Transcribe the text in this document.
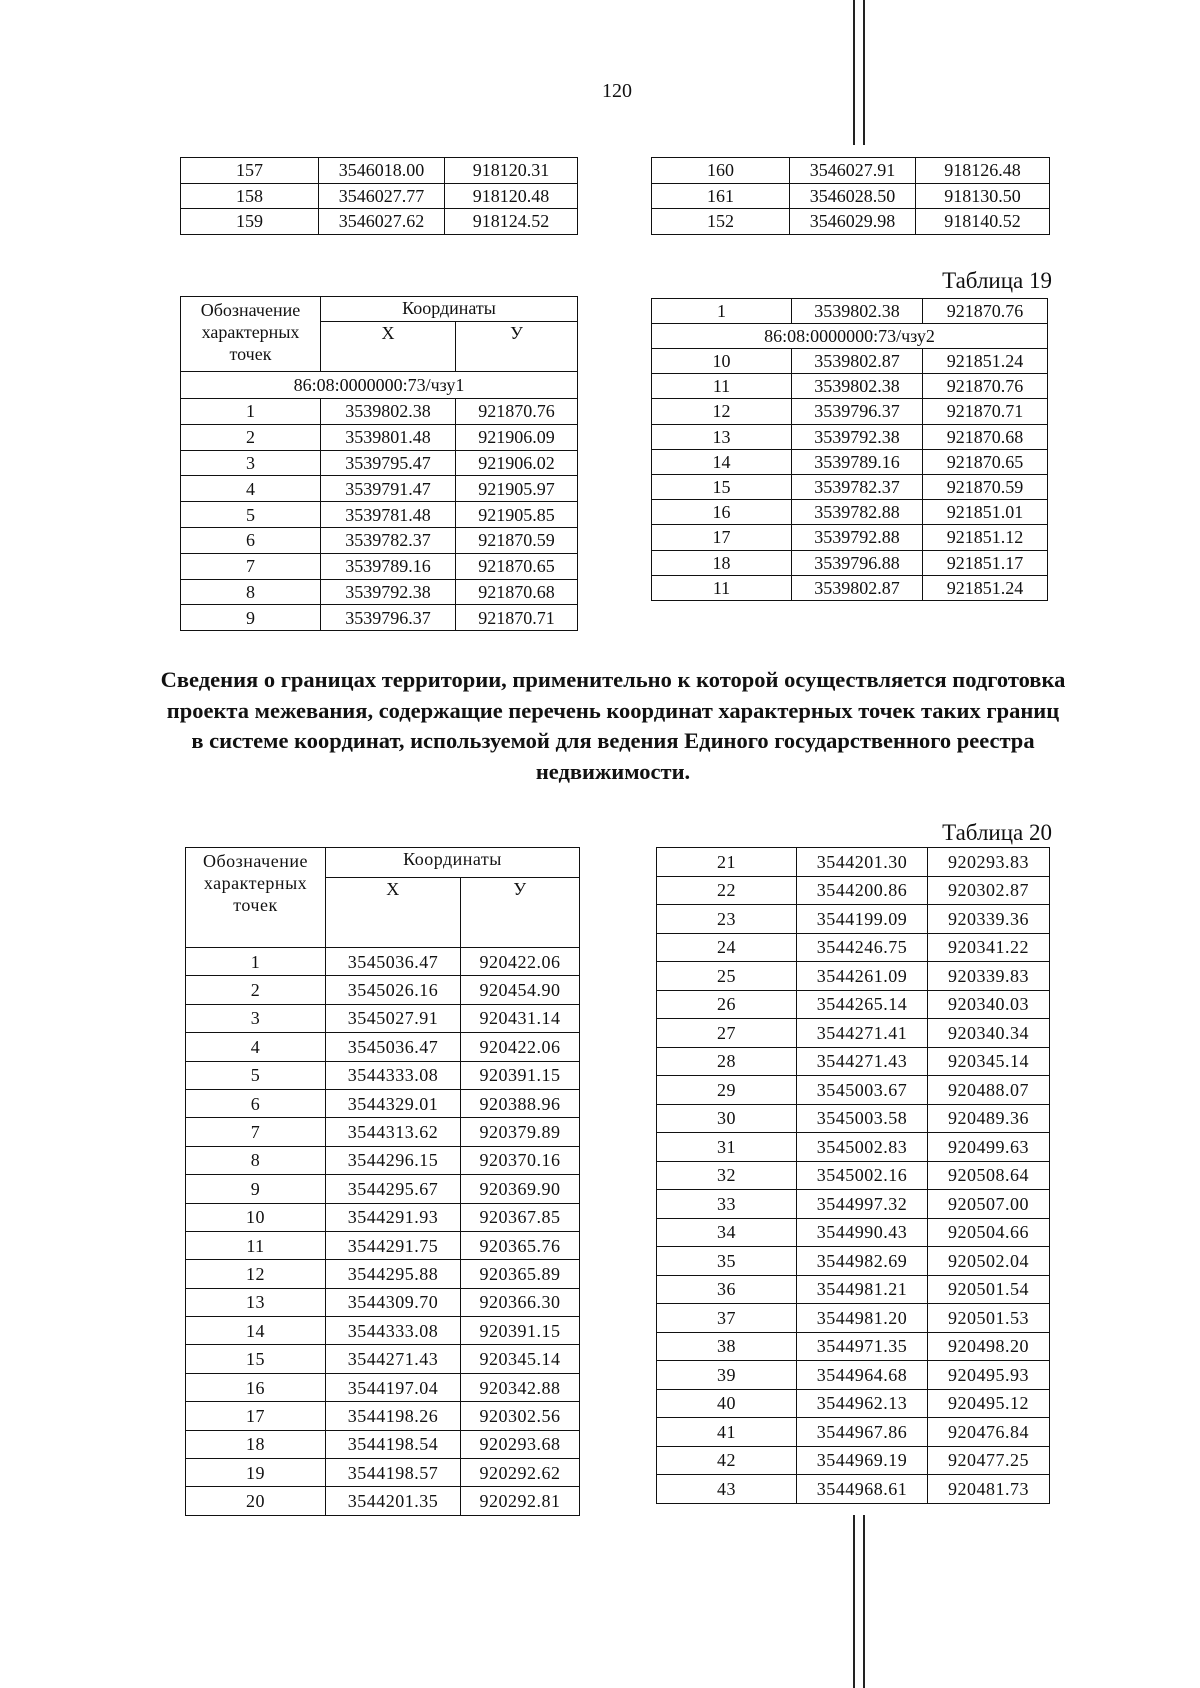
120
157	3546018.00	918120.31
158	3546027.77	918120.48
159	3546027.62	918124.52
160	3546027.91	918126.48
161	3546028.50	918130.50
152	3546029.98	918140.52
Таблица 19
Обозначение характерных точек	Координаты	
	X	У
86:08:0000000:73/чзу1		
1	3539802.38	921870.76
2	3539801.48	921906.09
3	3539795.47	921906.02
4	3539791.47	921905.97
5	3539781.48	921905.85
6	3539782.37	921870.59
7	3539789.16	921870.65
8	3539792.38	921870.68
9	3539796.37	921870.71
1	3539802.38	921870.76
86:08:0000000:73/чзу2		
10	3539802.87	921851.24
11	3539802.38	921870.76
12	3539796.37	921870.71
13	3539792.38	921870.68
14	3539789.16	921870.65
15	3539782.37	921870.59
16	3539782.88	921851.01
17	3539792.88	921851.12
18	3539796.88	921851.17
11	3539802.87	921851.24
Сведения о границах территории, применительно к которой осуществляется подготовка проекта межевания, содержащие перечень координат характерных точек таких границ в системе координат, используемой для ведения Единого государственного реестра недвижимости.
Таблица 20
Обозначение характерных точек	Координаты	
	X	У
1	3545036.47	920422.06
2	3545026.16	920454.90
3	3545027.91	920431.14
4	3545036.47	920422.06
5	3544333.08	920391.15
6	3544329.01	920388.96
7	3544313.62	920379.89
8	3544296.15	920370.16
9	3544295.67	920369.90
10	3544291.93	920367.85
11	3544291.75	920365.76
12	3544295.88	920365.89
13	3544309.70	920366.30
14	3544333.08	920391.15
15	3544271.43	920345.14
16	3544197.04	920342.88
17	3544198.26	920302.56
18	3544198.54	920293.68
19	3544198.57	920292.62
20	3544201.35	920292.81
21	3544201.30	920293.83
22	3544200.86	920302.87
23	3544199.09	920339.36
24	3544246.75	920341.22
25	3544261.09	920339.83
26	3544265.14	920340.03
27	3544271.41	920340.34
28	3544271.43	920345.14
29	3545003.67	920488.07
30	3545003.58	920489.36
31	3545002.83	920499.63
32	3545002.16	920508.64
33	3544997.32	920507.00
34	3544990.43	920504.66
35	3544982.69	920502.04
36	3544981.21	920501.54
37	3544981.20	920501.53
38	3544971.35	920498.20
39	3544964.68	920495.93
40	3544962.13	920495.12
41	3544967.86	920476.84
42	3544969.19	920477.25
43	3544968.61	920481.73
